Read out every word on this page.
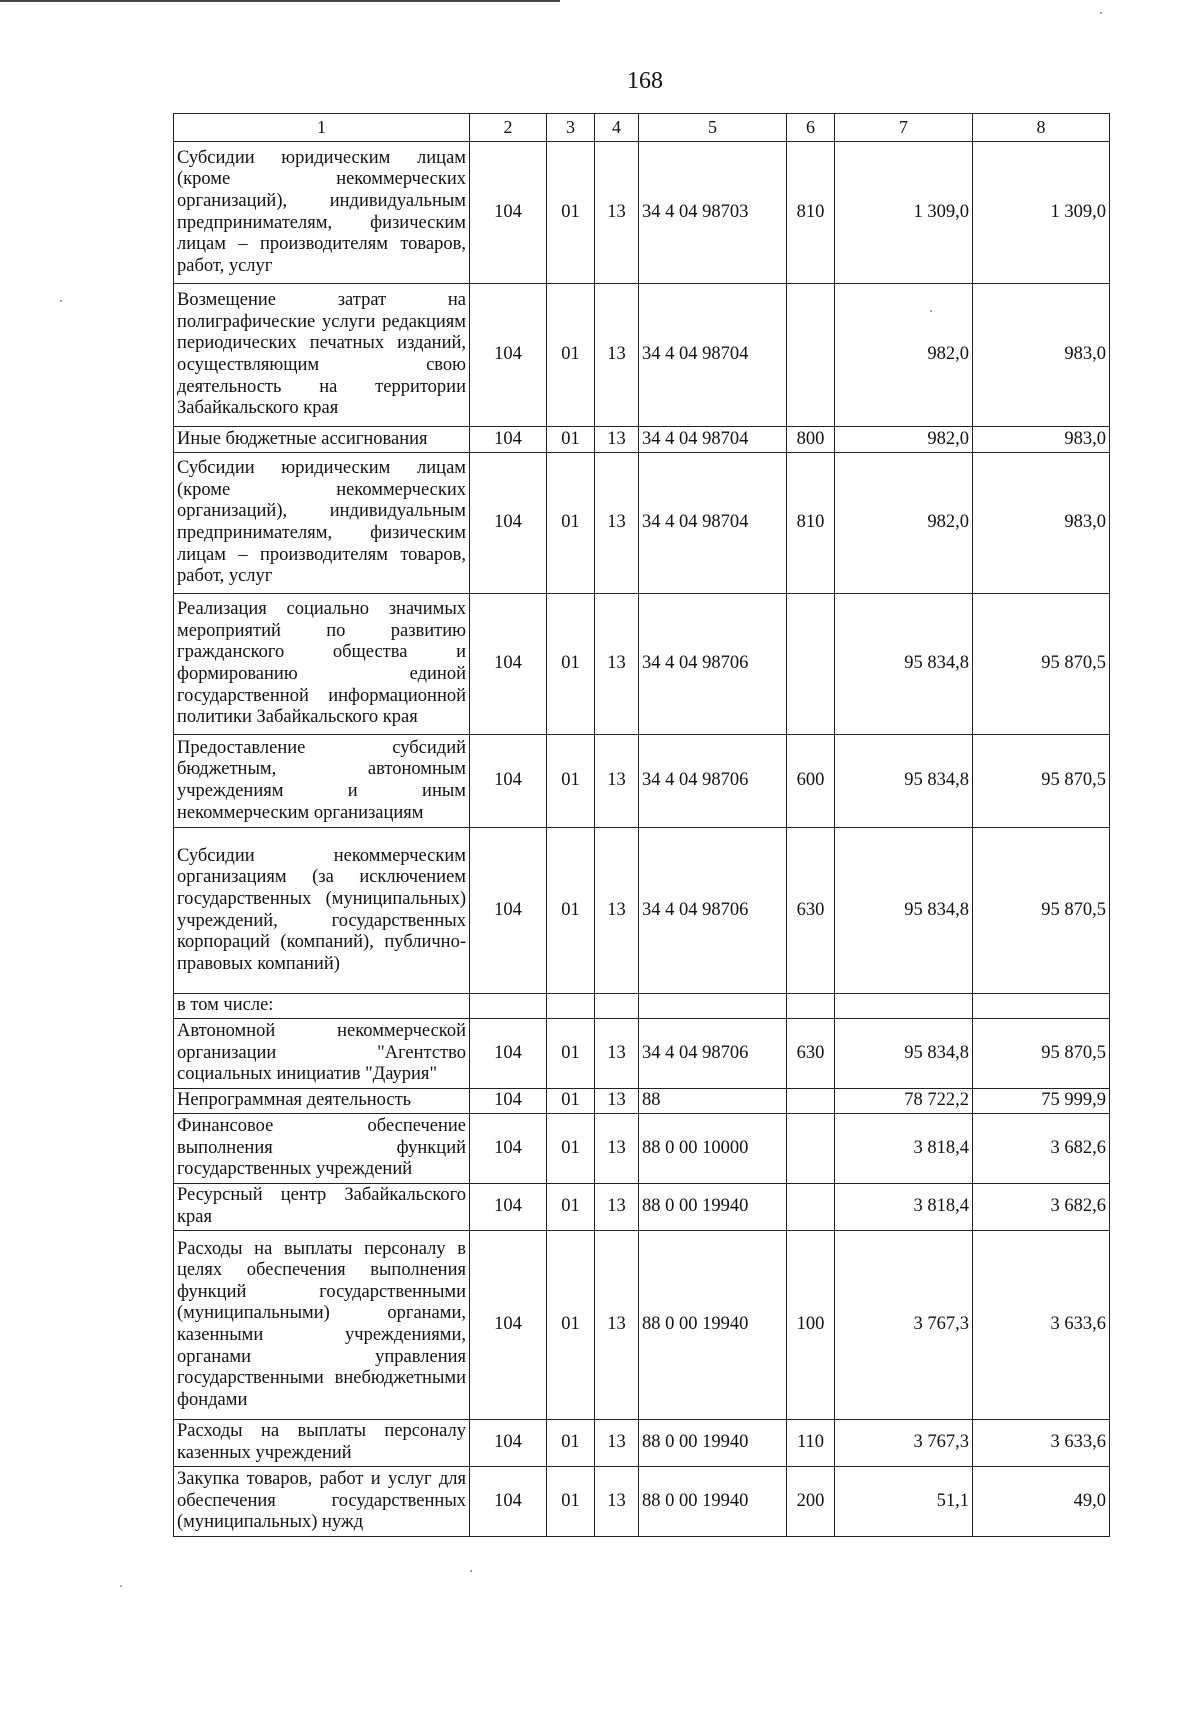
168
1	2	3	4	5	6	7	8
Субсидии юридическим лицам (кроме некоммерческих организаций), индивидуальным предпринимателям, физическим лицам – производителям товаров, работ, услуг	104	01	13	34 4 04 98703	810	1 309,0	1 309,0
Возмещение затрат на полиграфические услуги редакциям периодических печатных изданий, осуществляющим свою деятельность на территории Забайкальского края	104	01	13	34 4 04 98704		982,0	983,0
Иные бюджетные ассигнования	104	01	13	34 4 04 98704	800	982,0	983,0
Субсидии юридическим лицам (кроме некоммерческих организаций), индивидуальным предпринимателям, физическим лицам – производителям товаров, работ, услуг	104	01	13	34 4 04 98704	810	982,0	983,0
Реализация социально значимых мероприятий по развитию гражданского общества и формированию единой государственной информационной политики Забайкальского края	104	01	13	34 4 04 98706		95 834,8	95 870,5
Предоставление субсидий бюджетным, автономным учреждениям и иным некоммерческим организациям	104	01	13	34 4 04 98706	600	95 834,8	95 870,5
Субсидии некоммерческим организациям (за исключением государственных (муниципальных) учреждений, государственных корпораций (компаний), публично-правовых компаний)	104	01	13	34 4 04 98706	630	95 834,8	95 870,5
в том числе:							
Автономной некоммерческой организации "Агентство социальных инициатив "Даурия"	104	01	13	34 4 04 98706	630	95 834,8	95 870,5
Непрограммная деятельность	104	01	13	88		78 722,2	75 999,9
Финансовое обеспечение выполнения функций государственных учреждений	104	01	13	88 0 00 10000		3 818,4	3 682,6
Ресурсный центр Забайкальского края	104	01	13	88 0 00 19940		3 818,4	3 682,6
Расходы на выплаты персоналу в целях обеспечения выполнения функций государственными (муниципальными) органами, казенными учреждениями, органами управления государственными внебюджетными фондами	104	01	13	88 0 00 19940	100	3 767,3	3 633,6
Расходы на выплаты персоналу казенных учреждений	104	01	13	88 0 00 19940	110	3 767,3	3 633,6
Закупка товаров, работ и услуг для обеспечения государственных (муниципальных) нужд	104	01	13	88 0 00 19940	200	51,1	49,0
